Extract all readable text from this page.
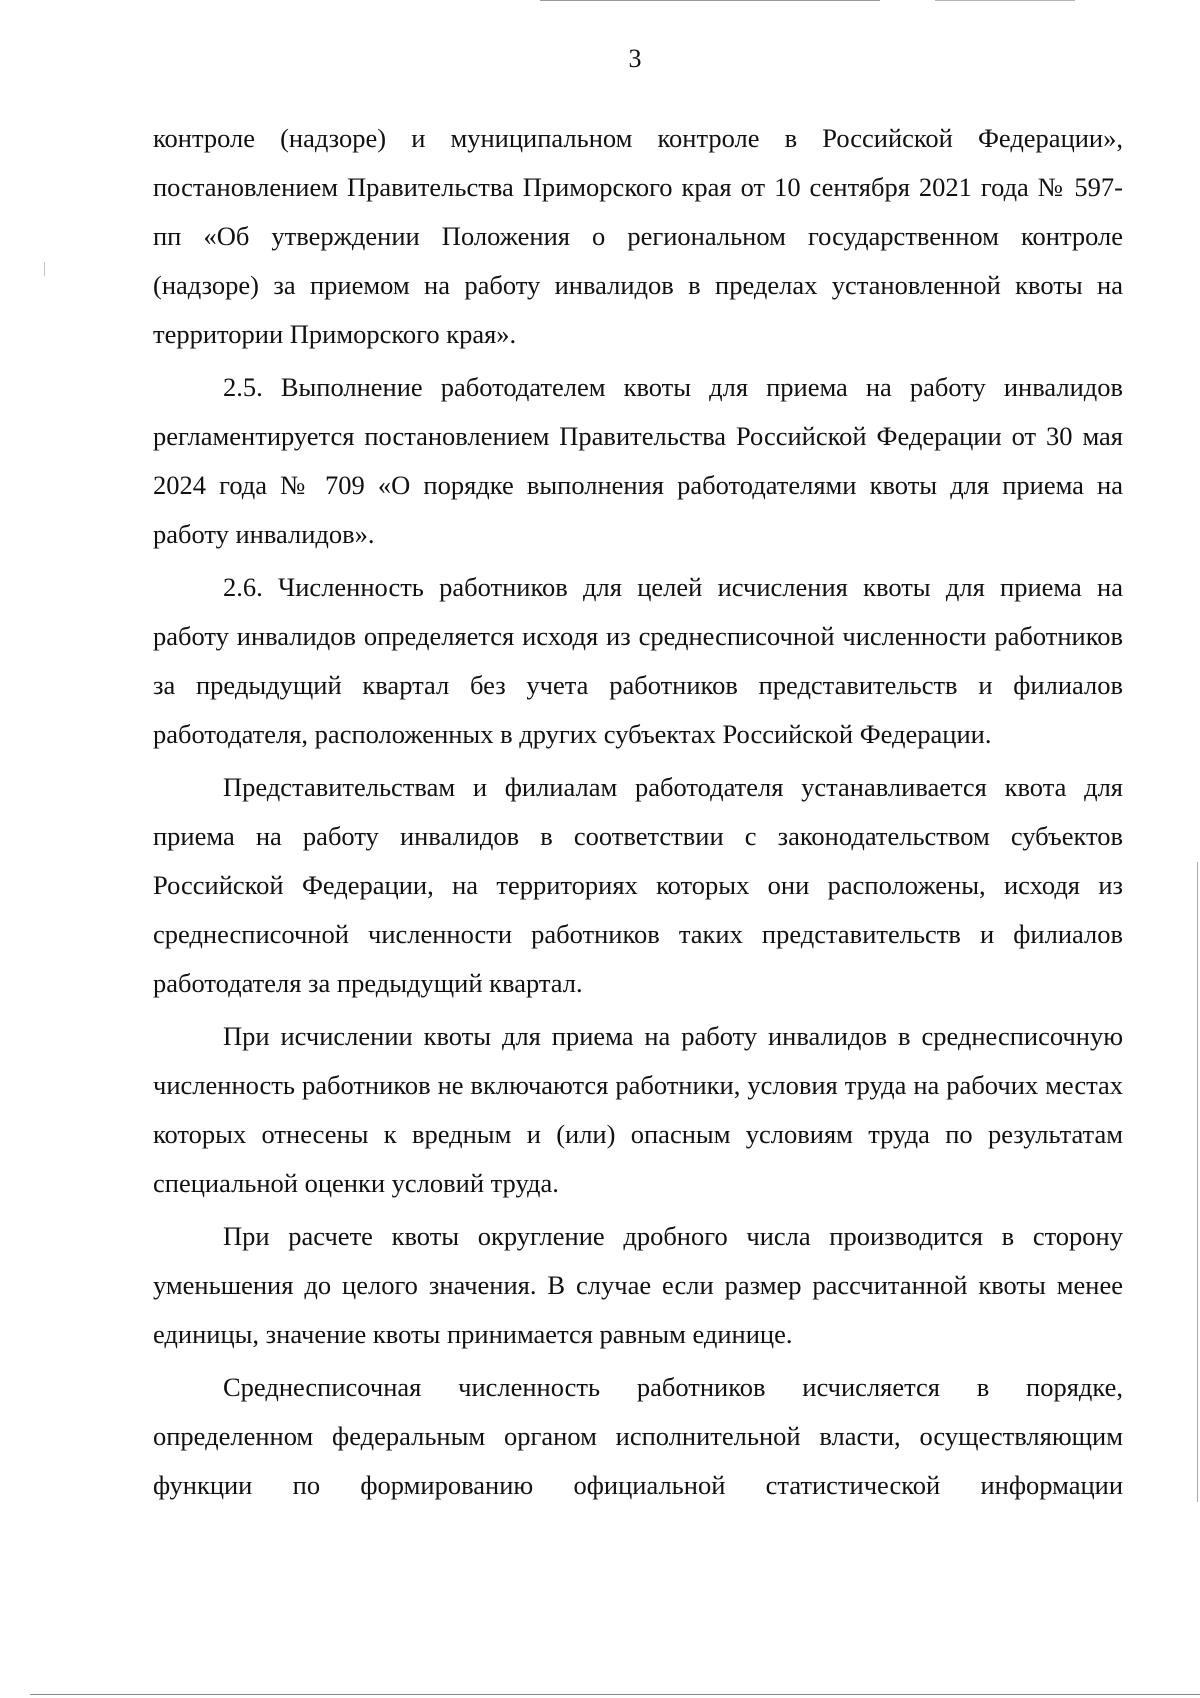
3

контроле (надзоре) и муниципальном контроле в Российской Федерации», постановлением Правительства Приморского края от 10 сентября 2021 года № 597-пп «Об утверждении Положения о региональном государственном контроле (надзоре) за приемом на работу инвалидов в пределах установленной квоты на территории Приморского края».

2.5. Выполнение работодателем квоты для приема на работу инвалидов регламентируется постановлением Правительства Российской Федерации от 30 мая 2024 года № 709 «О порядке выполнения работодателями квоты для приема на работу инвалидов».

2.6. Численность работников для целей исчисления квоты для приема на работу инвалидов определяется исходя из среднесписочной численности работников за предыдущий квартал без учета работников представительств и филиалов работодателя, расположенных в других субъектах Российской Федерации.

Представительствам и филиалам работодателя устанавливается квота для приема на работу инвалидов в соответствии с законодательством субъектов Российской Федерации, на территориях которых они расположены, исходя из среднесписочной численности работников таких представительств и филиалов работодателя за предыдущий квартал.

При исчислении квоты для приема на работу инвалидов в среднесписочную численность работников не включаются работники, условия труда на рабочих местах которых отнесены к вредным и (или) опасным условиям труда по результатам специальной оценки условий труда.

При расчете квоты округление дробного числа производится в сторону уменьшения до целого значения. В случае если размер рассчитанной квоты менее единицы, значение квоты принимается равным единице.

Среднесписочная численность работников исчисляется в порядке, определенном федеральным органом исполнительной власти, осуществляющим функции по формированию официальной статистической информации
